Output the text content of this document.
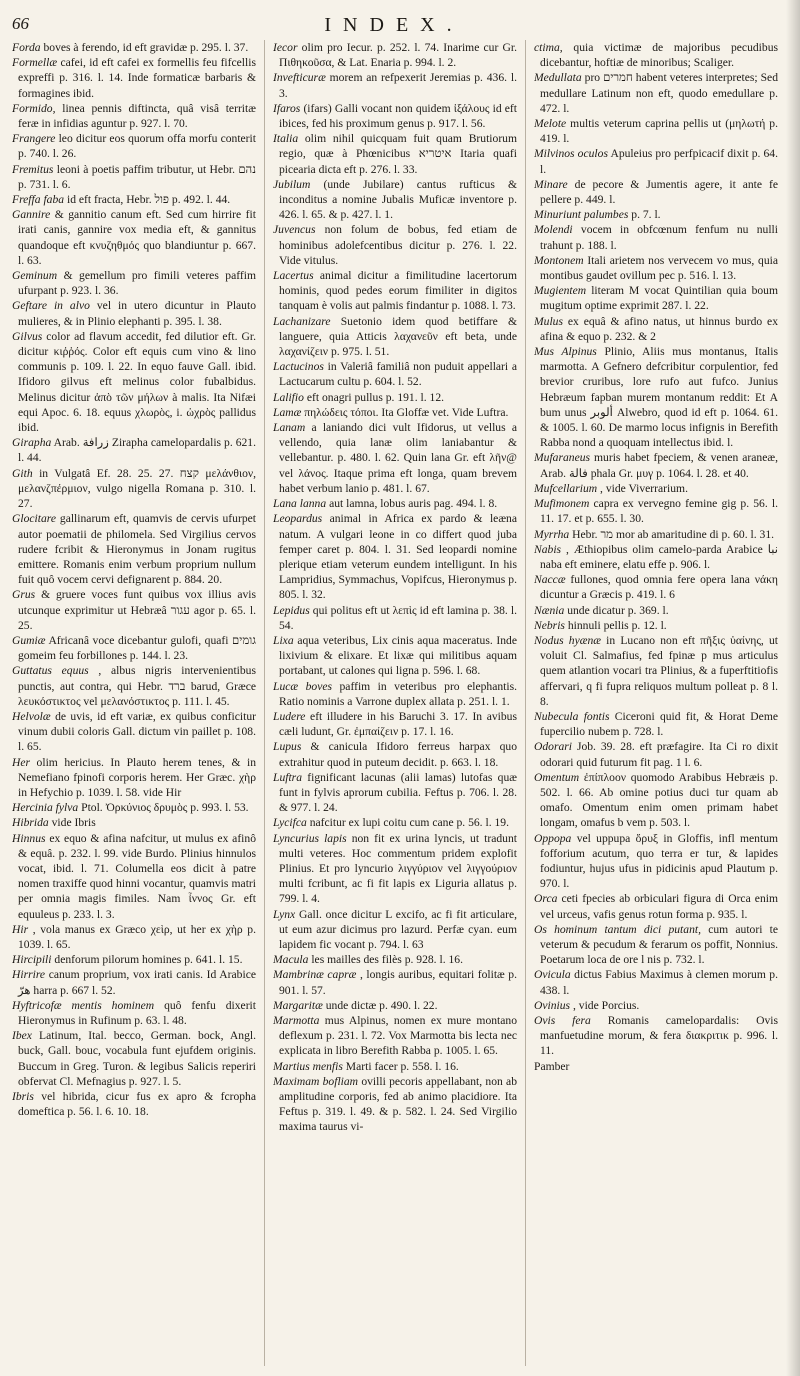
66	INDEX.

Forda boves à ferendo, id eft gravidæ p. 295. l. 37.

Formellæ cafei, id eft cafei ex formellis feu fifcellis expreffi p. 316. l. 14. Inde formaticæ barbaris & formagines ibid.

Formido, linea pennis diftincta, quâ visâ territæ feræ in infidias aguntur p. 927. l. 70.

Frangere leo dicitur eos quorum offa morfu conterit p. 740. l. 26.

Fremitus leoni à poetis paffim tributur, ut Hebr. נהם p. 731. l. 6.

Freffa faba id eft fracta, Hebr. פול p. 492. l. 44.

Gannire & gannitio canum eft. Sed cum hirrire fit irati canis, gannire vox media eft, & gannitus quandoque eft κνυζηθμός quo blandiuntur p. 667. l. 63.

Geminum & gemellum pro fimili veteres paffim ufurpant p. 923. l. 36.

Geftare in alvo vel in utero dicuntur in Plauto mulieres, & in Plinio elephanti p. 395. l. 38.

Gilvus color ad flavum accedit, fed dilutior eft. Gr. dicitur κιῤῥός. Color eft equis cum vino & lino communis p. 109. l. 22. In equo fauve Gall. ibid. Ifidoro gilvus eft melinus color fubalbidus. Melinus dicitur ἀπὸ τῶν μήλων à malis. Ita Nifæi equi Apoc. 6. 18. equus χλωρὸς, i. ὠχρὸς pallidus ibid.

Girapha Arab. زرافة Zirapha camelopardalis p. 621. l. 44.

Gith in Vulgatâ Ef. 28. 25. 27. קצח μελάνθιον, μελανζπέρμιον, vulgo nigella Romana p. 310. l. 27.

Glocitare gallinarum eft, quamvis de cervis ufurpet autor poematii de philomela. Sed Virgilius cervos rudere fcribit & Hieronymus in Jonam rugitus emittere. Romanis enim verbum proprium nullum fuit quô vocem cervi defignarent p. 884. 20.

Grus & gruere voces funt quibus vox illius avis utcunque exprimitur ut Hebræâ עגור agor p. 65. l. 25.

Gumiæ Africanâ voce dicebantur gulofi, quafi גומים gomeim feu forbillones p. 144. l. 23.

Guttatus equus , albus nigris intervenientibus punctis, aut contra, qui Hebr. ברד barud, Græce λευκόστικτος vel μελανόστικτος p. 111. l. 45.

Helvolæ de uvis, id eft variæ, ex quibus conficitur vinum dubii coloris Gall. dictum vin paillet p. 108. l. 65.

Her olim hericius. In Plauto herem tenes, & in Nemefiano fpinofi corporis herem. Her Græc. χὴρ in Hefychio p. 1039. l. 58. vide Hir

Hercinia fylva Ptol. Ὀρκύνιος δρυμὸς p. 993. l. 53.

Hibrida vide Ibris

Hinnus ex equo & afina nafcitur, ut mulus ex afinô & equâ. p. 232. l. 99. vide Burdo. Plinius hinnulos vocat, ibid. l. 71. Columella eos dicit à patre nomen traxiffe quod hinni vocantur, quamvis matri per omnia magis fimiles. Nam ἶννος Gr. eft equuleus p. 233. l. 3.

Hir , vola manus ex Græco χεὶρ, ut her ex χὴρ p. 1039. l. 65.

Hircipili denforum pilorum homines p. 641. l. 15.

Hirrire canum proprium, vox irati canis. Id Arabice هرّ harra p. 667 l. 52.

Hyftricofæ mentis hominem quô fenfu dixerit Hieronymus in Rufinum p. 63. l. 48.

Ibex Latinum, Ital. becco, German. bock, Angl. buck, Gall. bouc, vocabula funt ejufdem originis. Buccum in Greg. Turon. & legibus Salicis reperiri obfervat Cl. Mefnagius p. 927. l. 5.

Ibris vel hibrida, cicur fus ex apro & fcropha domeftica p. 56. l. 6. 10. 18.

Iecor olim pro Iecur. p. 252. l. 74. Inarime cur Gr. Πιθηκοῦσα, & Lat. Enaria p. 994. l. 2.

Invefticuræ morem an refpexerit Jeremias p. 436. l. 3.

Ifaros (ifars) Galli vocant non quidem ἰξάλους id eft ibices, fed his proximum genus p. 917. l. 56.

Italia olim nihil quicquam fuit quam Brutiorum regio, quæ à Phœnicibus איטריא Itaria quafi picearia dicta eft p. 276. l. 33.

Jubilum (unde Jubilare) cantus rufticus & inconditus a nomine Jubalis Muficæ inventore p. 426. l. 65. & p. 427. l. 1.

Juvencus non folum de bobus, fed etiam de hominibus adolefcentibus dicitur p. 276. l. 22. Vide vitulus.

Lacertus animal dicitur a fimilitudine lacertorum hominis, quod pedes eorum fimiliter in digitos tanquam è volis aut palmis findantur p. 1088. l. 73.

Lachanizare Suetonio idem quod betiffare & languere, quia Atticis λαχανεῦν eft beta, unde λαχανίζειν p. 975. l. 51.

Lactucinos in Valeriâ familiâ non puduit appellari a Lactucarum cultu p. 604. l. 52.

Lalifio eft onagri pullus p. 191. l. 12.

Lamæ πηλώδεις τόποι. Ita Gloffæ vet. Vide Luftra.

Lanam a laniando dici vult Ifidorus, ut vellus a vellendo, quia lanæ olim laniabantur & vellebantur. p. 480. l. 62. Quin lana Gr. eft λῆν@ vel λάνος. Itaque prima eft longa, quam brevem habet verbum lanio p. 481. l. 67.

Lana lanna aut lamna, lobus auris pag. 494. l. 8.

Leopardus animal in Africa ex pardo & leæna natum. A vulgari leone in co differt quod juba femper caret p. 804. l. 31. Sed leopardi nomine plerique etiam veterum eundem intelligunt. In his Lampridius, Symmachus, Vopifcus, Hieronymus p. 805. l. 32.

Lepidus qui politus eft ut λεπὶς id eft lamina p. 38. l. 54.

Lixa aqua veteribus, Lix cinis aqua maceratus. Inde lixivium & elixare. Et lixæ qui militibus aquam portabant, ut calones qui ligna p. 596. l. 68.

Lucæ boves paffim in veteribus pro elephantis. Ratio nominis a Varrone duplex allata p. 251. l. 1.

Ludere eft illudere in his Baruchi 3. 17. In avibus cæli ludunt, Gr. ἐμπαίζειν p. 17. l. 16.

Lupus & canicula Ifidoro ferreus harpax quo extrahitur quod in puteum decidit. p. 663. l. 18.

Luftra fignificant lacunas (alii lamas) lutofas quæ funt in fylvis aprorum cubilia. Feftus p. 706. l. 28. & 977. l. 24.

Lycifca nafcitur ex lupi coitu cum cane p. 56. l. 19.

Lyncurius lapis non fit ex urina lyncis, ut tradunt multi veteres. Hoc commentum pridem explofit Plinius. Et pro lyncurio λιγγύριον vel λιγγούριον multi fcribunt, ac fi fit lapis ex Liguria allatus p. 799. l. 4.

Lynx Gall. once dicitur L excifo, ac fi fit articulare, ut eum azur dicimus pro lazurd. Perfæ cyan. eum lapidem fic vocant p. 794. l. 63

Macula les mailles des filès p. 928. l. 16.

Mambrinæ capræ , longis auribus, equitari folitæ p. 901. l. 57.

Margaritæ unde dictæ p. 490. l. 22.

Marmotta mus Alpinus, nomen ex mure montano deflexum p. 231. l. 72. Vox Marmotta bis lecta nec explicata in libro Berefith Rabba p. 1005. l. 65.

Martius menfis Marti facer p. 558. l. 16.

Maximam bofliam ovilli pecoris appellabant, non ab amplitudine corporis, fed ab animo placidiore. Ita Feftus p. 319. l. 49. & p. 582. l. 24. Sed Virgilio maxima taurus vi-

ctima, quia victimæ de majoribus pecudibus dicebantur, hoftiæ de minoribus; Scaliger.

Medullata pro חמרים habent veteres interpretes; Sed medullare Latinum non eft, quodo emedullare p. 472. l.

Melote multis veterum caprina pellis ut (μηλωτή p. 419. l.

Milvinos oculos Apuleius pro perfpicacif dixit p. 64. l.

Minare de pecore & Jumentis agere, it ante fe pellere p. 449. l.

Minuriunt palumbes p. 7. l.

Molendi vocem in obfcœnum fenfum nu nulli trahunt p. 188. l.

Montonem Itali arietem nos vervecem vo mus, quia montibus gaudet ovillum pec p. 516. l. 13.

Mugientem literam M vocat Quintilian quia boum mugitum optime exprimit 287. l. 22.

Mulus ex equâ & afino natus, ut hinnus burdo ex afina & equo p. 232. & 2

Mus Alpinus Plinio, Aliis mus montanus, Italis marmotta. A Gefnero defcribitur corpulentior, fed brevior cruribus, lore rufo aut fufco. Junius Hebræum fapban murem montanum reddit: Et A bum unus ألوبر Alwebro, quod id eft p. 1064. 61. & 1005. l. 60. De marmo locus infignis in Berefith Rabba nond a quoquam intellectus ibid. l.

Mufaraneus muris habet fpeciem, & venen araneæ, Arab. فالة phala Gr. μυγ p. 1064. l. 28. et 40.

Mufcellarium , vide Viverrarium.

Mufimonem capra ex vervegno femine gig p. 56. l. 11. 17. et p. 655. l. 30.

Myrrha Hebr. מר mor ab amaritudine di p. 60. l. 31.

Nabis , Æthiopibus olim camelo-parda Arabice نبا naba eft eminere, elatu effe p. 906. l.

Naccæ fullones, quod omnia fere opera lana νάκη dicuntur a Græcis p. 419. l. 6

Nænia unde dicatur p. 369. l.

Nebris hinnuli pellis p. 12. l.

Nodus hyænæ in Lucano non eft πῆξις ὑαίνης, ut voluit Cl. Salmafius, fed fpinæ p mus articulus quem atlantion vocari tra Plinius, & a fuperftitiofis affervari, q fi fupra reliquos multum polleat p. 8 l. 8.

Nubecula fontis Ciceroni quid fit, & Horat Deme fupercilio nubem p. 728. l.

Odorari Job. 39. 28. eft præfagire. Ita Ci ro dixit odorari quid futurum fit pag. 1 l. 6.

Omentum ἐπίπλοον quomodo Arabibus Hebræis p. 502. l. 66. Ab omine potius duci tur quam ab omafo. Omentum enim omen primam habet longam, omafus b vem p. 503. l.

Oppopa vel uppupa ὄρυξ in Gloffis, infl mentum fofforium acutum, quo terra er tur, & lapides fodiuntur, hujus ufus in pidicinis apud Plautum p. 970. l.

Orca ceti fpecies ab orbiculari figura di Orca enim vel urceus, vafis genus rotun forma p. 935. l.

Os hominum tantum dici putant, cum autori te veterum & pecudum & ferarum os poffit, Nonnius. Poetarum loca de ore l nis p. 732. l.

Ovicula dictus Fabius Maximus à clemen morum p. 438. l.

Ovinius , vide Porcius.

Ovis fera Romanis camelopardalis: Ovis manfuetudine morum, & fera διακριτικ p. 996. l. 11.

Pamber
